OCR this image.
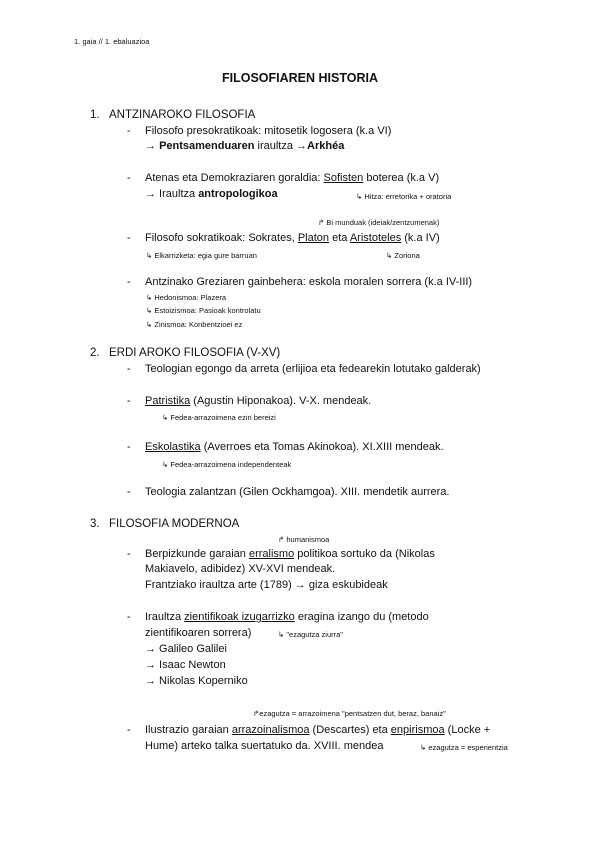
1. gaia // 1. ebaluazioa
FILOSOFIAREN HISTORIA
1. ANTZINAROKO FILOSOFIA
- Filosofo presokratikoak: mitosetik logosera (k.a VI)
→ Pentsamenduaren iraultza →Arkhéa
- Atenas eta Demokraziaren goraldia: Sofisten boterea (k.a V)
→ Iraultza antropologikoa	↳ Hitza: erretorika + oratoria
↱ Bi munduak (ideiak/zentzumenak)
- Filosofo sokratikoak: Sokrates, Platon eta Aristoteles (k.a IV)
↳ Elkarrizketa: egia gure barruan	↳ Zoriona
- Antzinako Greziaren gainbehera: eskola moralen sorrera (k.a IV-III)
↳ Hedonismoa: Plazera
↳ Estoizismoa: Pasioak kontrolatu
↳ Zinismoa: Konbentzioei ez
2. ERDI AROKO FILOSOFIA (V-XV)
- Teologian egongo da arreta (erlijioa eta fedearekin lotutako galderak)
- Patristika (Agustin Hiponakoa). V-X. mendeak.
↳ Fedea-arrazoimena ezin bereizi
- Eskolastika (Averroes eta Tomas Akinokoa). XI.XIII mendeak.
↳ Fedea-arrazoimena independenteak
- Teologia zalantzan (Gilen Ockhamgoa). XIII. mendetik aurrera.
3. FILOSOFIA MODERNOA
↱ humanismoa
- Berpizkunde garaian erralismo politikoa sortuko da (Nikolas
Makiavelo, adibidez) XV-XVI mendeak.
Frantziako iraultza arte (1789) → giza eskubideak
- Iraultza zientifikoak izugarrizko eragina izango du (metodo
zientifikoaren sorrera)	↳ "ezagutza ziurra"
→ Galileo Galilei
→ Isaac Newton
→ Nikolas Koperniko
↱ezagutza = arrazoimena "pentsatzen dut, beraz, banaiz"
- Ilustrazio garaian arrazoinalismoa (Descartes) eta enpirismoa (Locke +
Hume) arteko talka suertatuko da. XVIII. mendea	↳ ezagutza = esperientzia
